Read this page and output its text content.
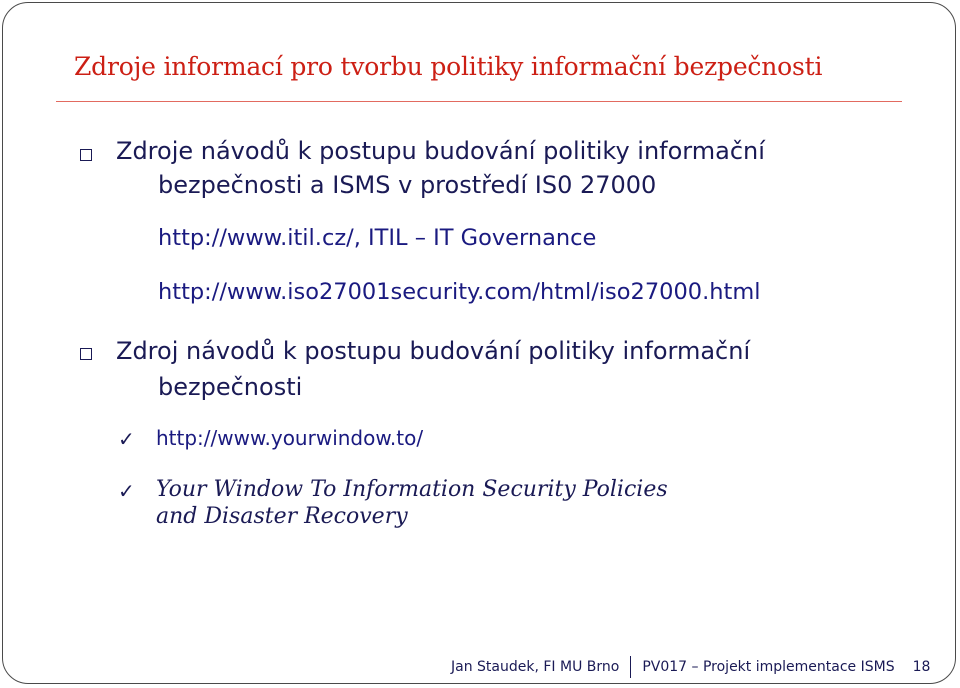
Zdroje informací pro tvorbu politiky informační bezpečnosti
Zdroje návodů k postupu budování politiky informační
bezpečnosti a ISMS v prostředí IS0 27000
http://www.itil.cz/, ITIL – IT Governance
http://www.iso27001security.com/html/iso27000.html
Zdroj návodů k postupu budování politiky informační
bezpečnosti
✓ http://www.yourwindow.to/
✓ Your Window To Information Security Policies
and Disaster Recovery
Jan Staudek, FI MU Brno PV017 – Projekt implementace ISMS 18
